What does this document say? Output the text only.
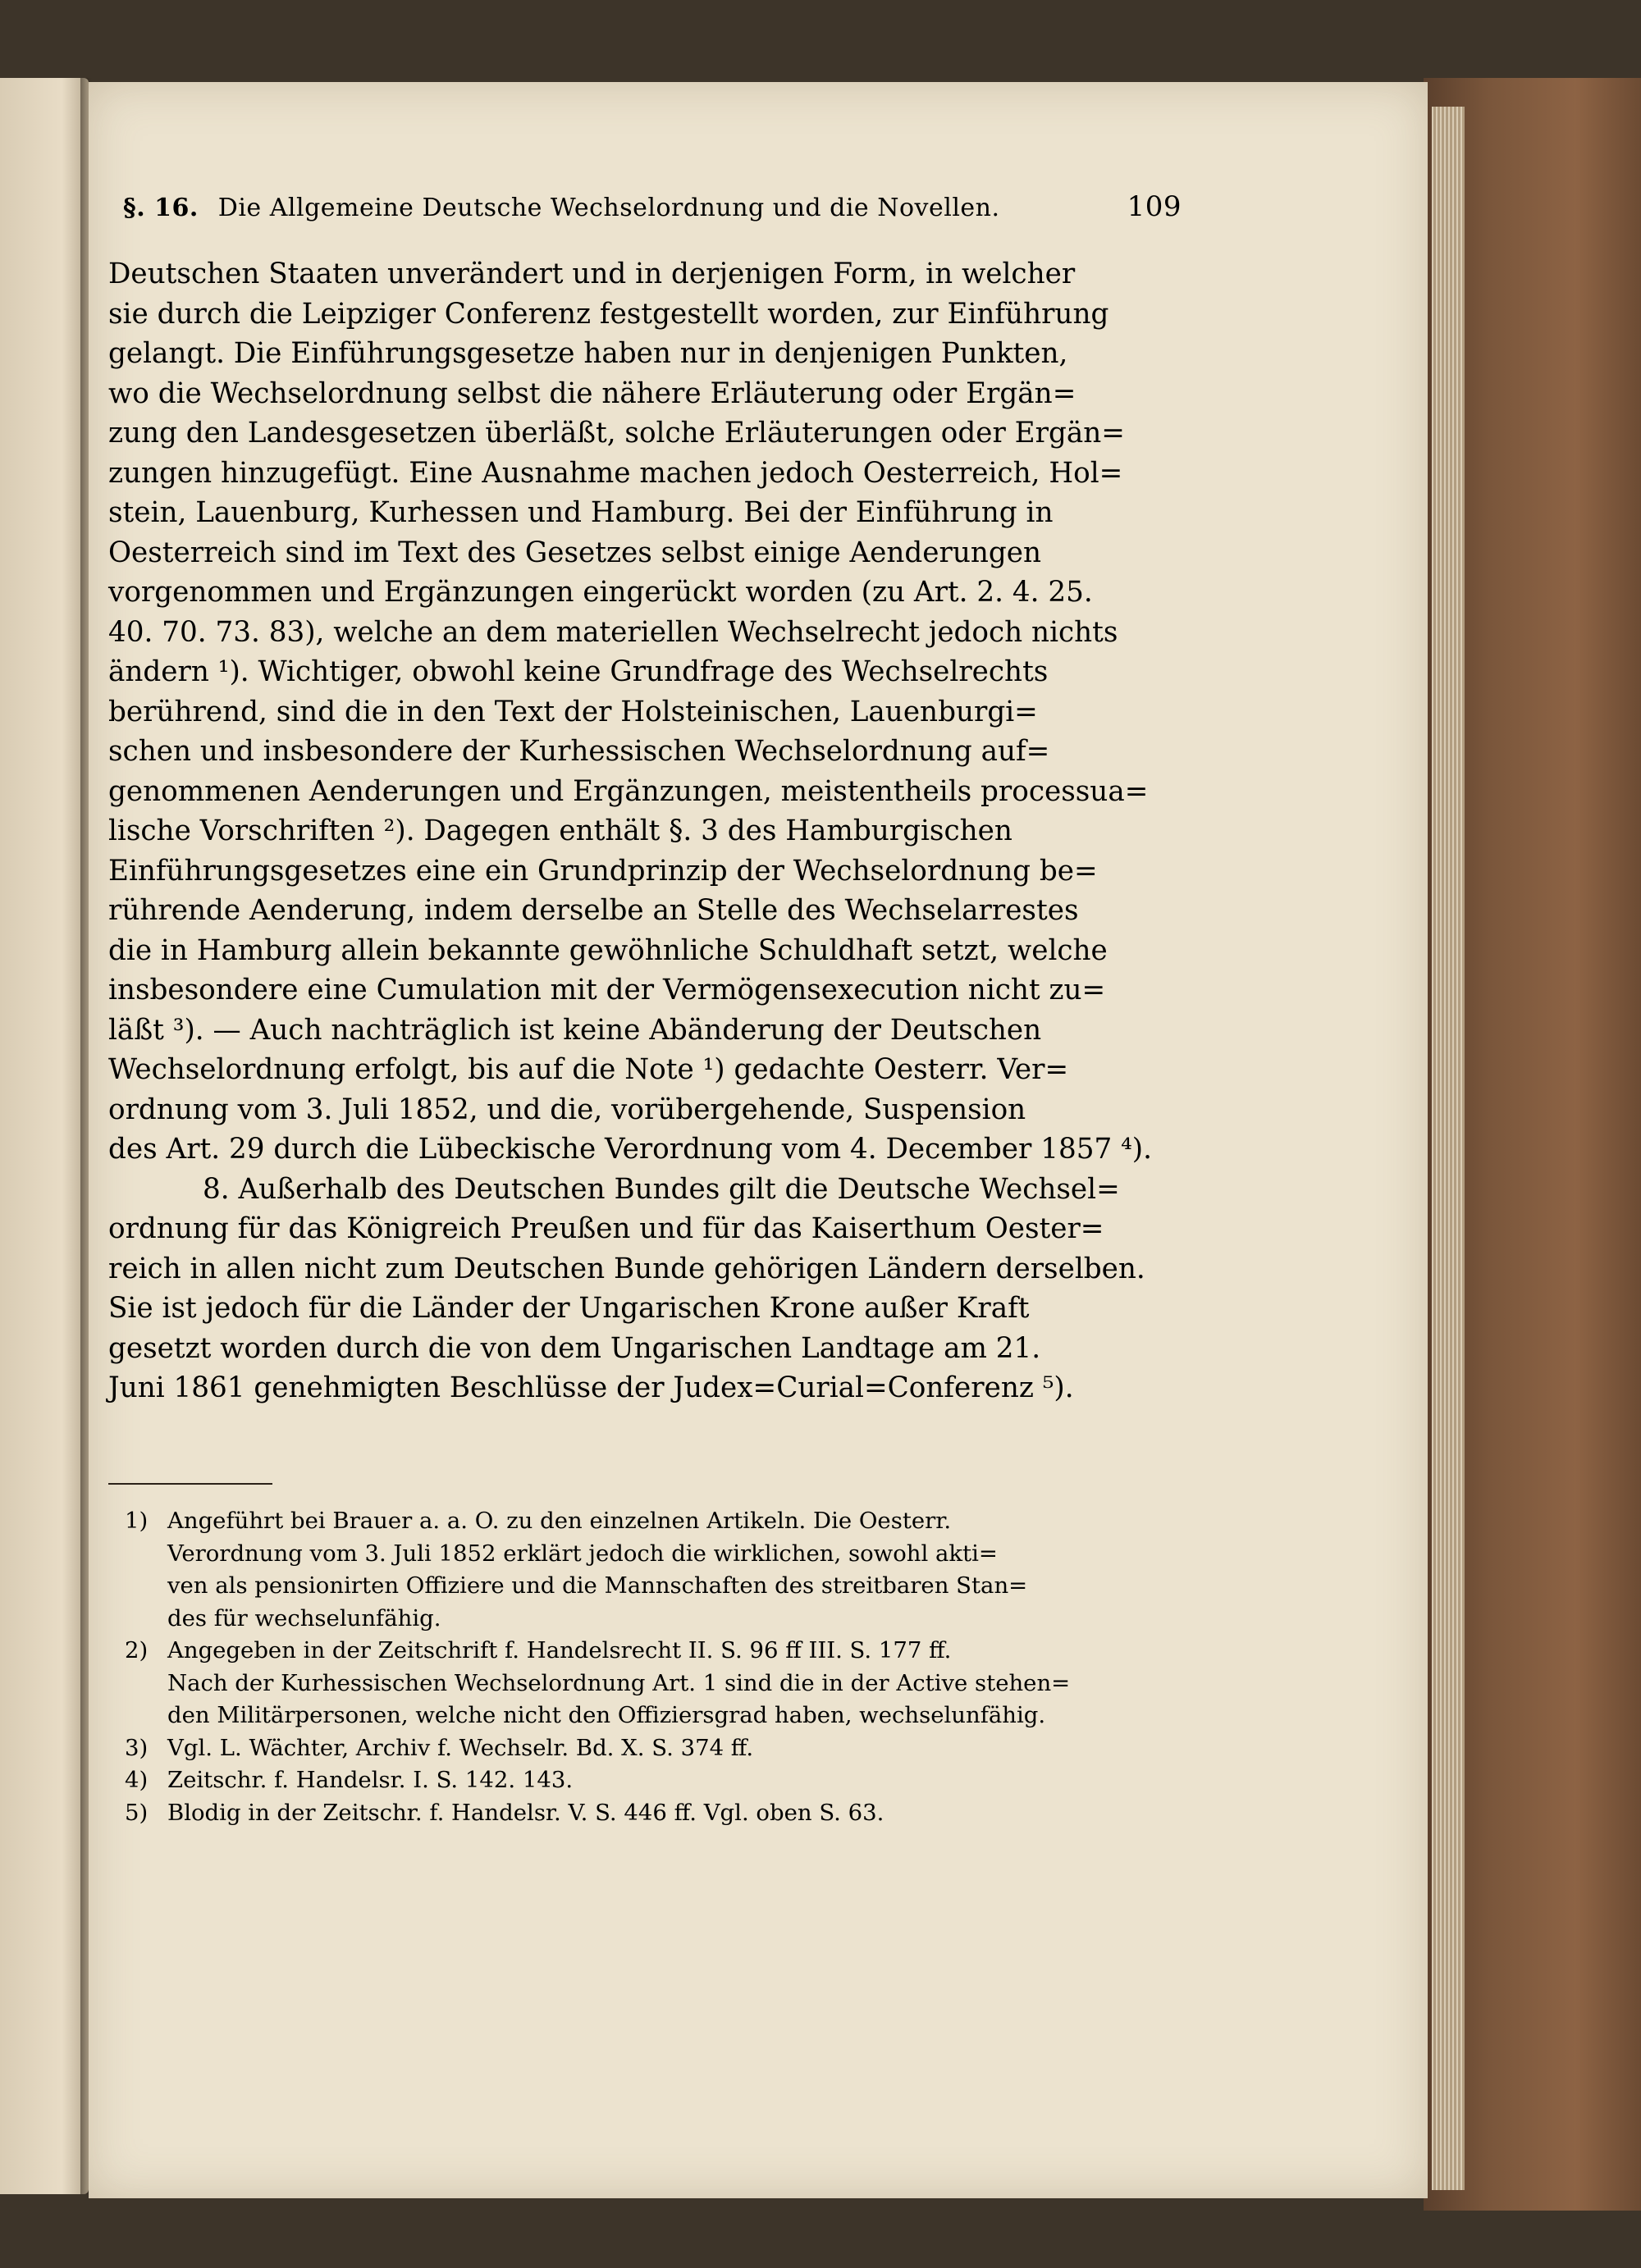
§. 16. Die Allgemeine Deutsche Wechselordnung und die Novellen.	109
Deutschen Staaten unverändert und in derjenigen Form, in welcher
sie durch die Leipziger Conferenz festgestellt worden, zur Einführung
gelangt. Die Einführungsgesetze haben nur in denjenigen Punkten,
wo die Wechselordnung selbst die nähere Erläuterung oder Ergän=
zung den Landesgesetzen überläßt, solche Erläuterungen oder Ergän=
zungen hinzugefügt. Eine Ausnahme machen jedoch Oesterreich, Hol=
stein, Lauenburg, Kurhessen und Hamburg. Bei der Einführung in
Oesterreich sind im Text des Gesetzes selbst einige Aenderungen
vorgenommen und Ergänzungen eingerückt worden (zu Art. 2. 4. 25.
40. 70. 73. 83), welche an dem materiellen Wechselrecht jedoch nichts
ändern ¹). Wichtiger, obwohl keine Grundfrage des Wechselrechts
berührend, sind die in den Text der Holsteinischen, Lauenburgi=
schen und insbesondere der Kurhessischen Wechselordnung auf=
genommenen Aenderungen und Ergänzungen, meistentheils processua=
lische Vorschriften ²). Dagegen enthält §. 3 des Hamburgischen
Einführungsgesetzes eine ein Grundprinzip der Wechselordnung be=
rührende Aenderung, indem derselbe an Stelle des Wechselarrestes
die in Hamburg allein bekannte gewöhnliche Schuldhaft setzt, welche
insbesondere eine Cumulation mit der Vermögensexecution nicht zu=
läßt ³). — Auch nachträglich ist keine Abänderung der Deutschen
Wechselordnung erfolgt, bis auf die Note ¹) gedachte Oesterr. Ver=
ordnung vom 3. Juli 1852, und die, vorübergehende, Suspension
des Art. 29 durch die Lübeckische Verordnung vom 4. December 1857 ⁴).
8. Außerhalb des Deutschen Bundes gilt die Deutsche Wechsel=
ordnung für das Königreich Preußen und für das Kaiserthum Oester=
reich in allen nicht zum Deutschen Bunde gehörigen Ländern derselben.
Sie ist jedoch für die Länder der Ungarischen Krone außer Kraft
gesetzt worden durch die von dem Ungarischen Landtage am 21.
Juni 1861 genehmigten Beschlüsse der Judex=Curial=Conferenz ⁵).
1) Angeführt bei Brauer a. a. O. zu den einzelnen Artikeln. Die Oesterr.
Verordnung vom 3. Juli 1852 erklärt jedoch die wirklichen, sowohl akti=
ven als pensionirten Offiziere und die Mannschaften des streitbaren Stan=
des für wechselunfähig.
2) Angegeben in der Zeitschrift f. Handelsrecht II. S. 96 ff III. S. 177 ff.
Nach der Kurhessischen Wechselordnung Art. 1 sind die in der Active stehen=
den Militärpersonen, welche nicht den Offiziersgrad haben, wechselunfähig.
3) Vgl. L. Wächter, Archiv f. Wechselr. Bd. X. S. 374 ff.
4) Zeitschr. f. Handelsr. I. S. 142. 143.
5) Blodig in der Zeitschr. f. Handelsr. V. S. 446 ff. Vgl. oben S. 63.
